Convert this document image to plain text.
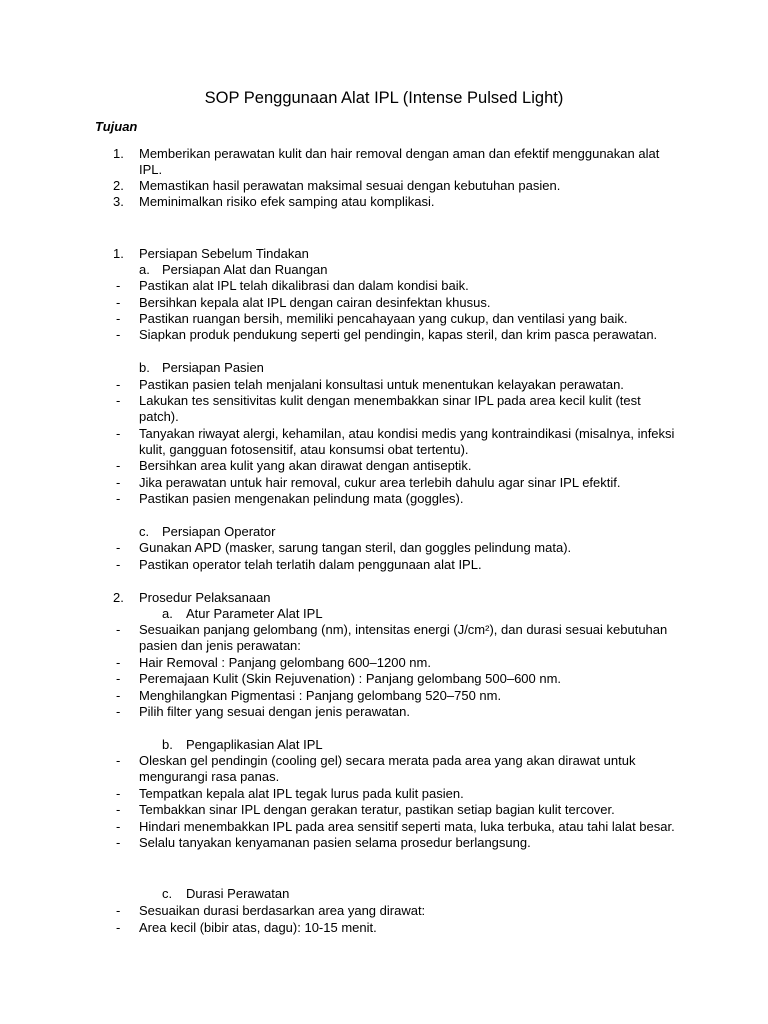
SOP Penggunaan Alat IPL (Intense Pulsed Light)
Tujuan
1. Memberikan perawatan kulit dan hair removal dengan aman dan efektif menggunakan alat
IPL.
2. Memastikan hasil perawatan maksimal sesuai dengan kebutuhan pasien.
3. Meminimalkan risiko efek samping atau komplikasi.
1. Persiapan Sebelum Tindakan
a. Persiapan Alat dan Ruangan
- Pastikan alat IPL telah dikalibrasi dan dalam kondisi baik.
- Bersihkan kepala alat IPL dengan cairan desinfektan khusus.
- Pastikan ruangan bersih, memiliki pencahayaan yang cukup, dan ventilasi yang baik.
- Siapkan produk pendukung seperti gel pendingin, kapas steril, dan krim pasca perawatan.
b. Persiapan Pasien
- Pastikan pasien telah menjalani konsultasi untuk menentukan kelayakan perawatan.
- Lakukan tes sensitivitas kulit dengan menembakkan sinar IPL pada area kecil kulit (test
patch).
- Tanyakan riwayat alergi, kehamilan, atau kondisi medis yang kontraindikasi (misalnya, infeksi
kulit, gangguan fotosensitif, atau konsumsi obat tertentu).
- Bersihkan area kulit yang akan dirawat dengan antiseptik.
- Jika perawatan untuk hair removal, cukur area terlebih dahulu agar sinar IPL efektif.
- Pastikan pasien mengenakan pelindung mata (goggles).
c. Persiapan Operator
- Gunakan APD (masker, sarung tangan steril, dan goggles pelindung mata).
- Pastikan operator telah terlatih dalam penggunaan alat IPL.
2. Prosedur Pelaksanaan
a. Atur Parameter Alat IPL
- Sesuaikan panjang gelombang (nm), intensitas energi (J/cm²), dan durasi sesuai kebutuhan
pasien dan jenis perawatan:
- Hair Removal : Panjang gelombang 600–1200 nm.
- Peremajaan Kulit (Skin Rejuvenation) : Panjang gelombang 500–600 nm.
- Menghilangkan Pigmentasi : Panjang gelombang 520–750 nm.
- Pilih filter yang sesuai dengan jenis perawatan.
b. Pengaplikasian Alat IPL
- Oleskan gel pendingin (cooling gel) secara merata pada area yang akan dirawat untuk
mengurangi rasa panas.
- Tempatkan kepala alat IPL tegak lurus pada kulit pasien.
- Tembakkan sinar IPL dengan gerakan teratur, pastikan setiap bagian kulit tercover.
- Hindari menembakkan IPL pada area sensitif seperti mata, luka terbuka, atau tahi lalat besar.
- Selalu tanyakan kenyamanan pasien selama prosedur berlangsung.
c. Durasi Perawatan
- Sesuaikan durasi berdasarkan area yang dirawat:
- Area kecil (bibir atas, dagu): 10-15 menit.
